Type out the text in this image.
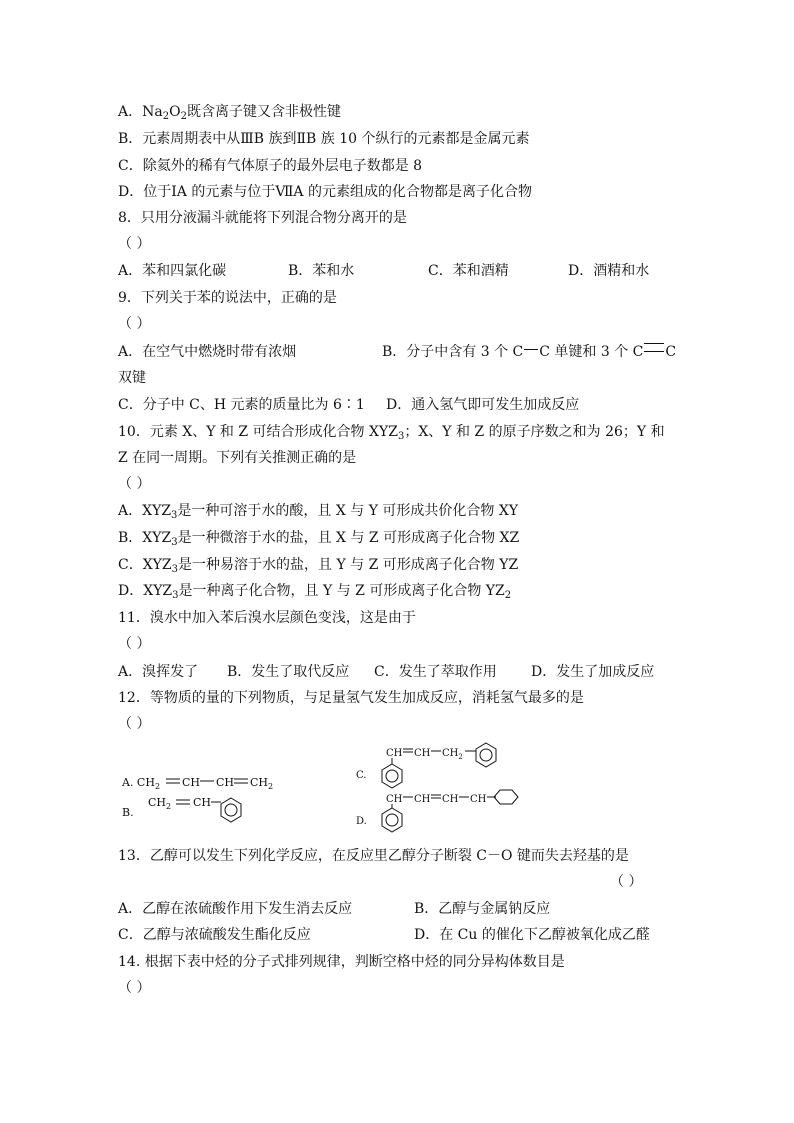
A．$Na_2O_2$既含离子键又含非极性键
B．元素周期表中从ⅢB 族到ⅡB 族 10 个纵行的元素都是金属元素
C．除氦外的稀有气体原子的最外层电子数都是 8
D．位于ⅠA 的元素与位于ⅦA 的元素组成的化合物都是离子化合物
8．只用分液漏斗就能将下列混合物分离开的是
（ ）
A．苯和四氯化碳	B．苯和水	C．苯和酒精	D．酒精和水
9．下列关于苯的说法中，正确的是
（ ）
A．在空气中燃烧时带有浓烟	B．分子中含有 3 个 C C 单键和 3 个 C C
双键
C．分子中 C、H 元素的质量比为 6∶1 D．通入氢气即可发生加成反应
10．元素 X、Y 和 Z 可结合形成化合物 $XYZ_3$；X、Y 和 Z 的原子序数之和为 26；Y 和
Z 在同一周期。下列有关推测正确的是
（ ）
A．$XYZ_3$是一种可溶于水的酸，且 X 与 Y 可形成共价化合物 XY
B．$XYZ_3$是一种微溶于水的盐，且 X 与 Z 可形成离子化合物 XZ
C．$XYZ_3$是一种易溶于水的盐，且 Y 与 Z 可形成离子化合物 YZ
D．$XYZ_3$是一种离子化合物，且 Y 与 Z 可形成离子化合物 $YZ_2$
11．溴水中加入苯后溴水层颜色变浅，这是由于
（ ）
A．溴挥发了 B．发生了取代反应 C．发生了萃取作用 D．发生了加成反应
12．等物质的量的下列物质，与足量氢气发生加成反应，消耗氢气最多的是
（ ）
A. $CH_2$ CH CH $CH_2$
B.
$CH_2$ CH
CH CH $CH_2$
C.
CH CH CH CH
D.
13．乙醇可以发生下列化学反应，在反应里乙醇分子断裂 C－O 键而失去羟基的是
（ ）
A．乙醇在浓硫酸作用下发生消去反应	B．乙醇与金属钠反应
C．乙醇与浓硫酸发生酯化反应	D．在 Cu 的催化下乙醇被氧化成乙醛
14. 根据下表中烃的分子式排列规律，判断空格中烃的同分异构体数目是
（ ）
